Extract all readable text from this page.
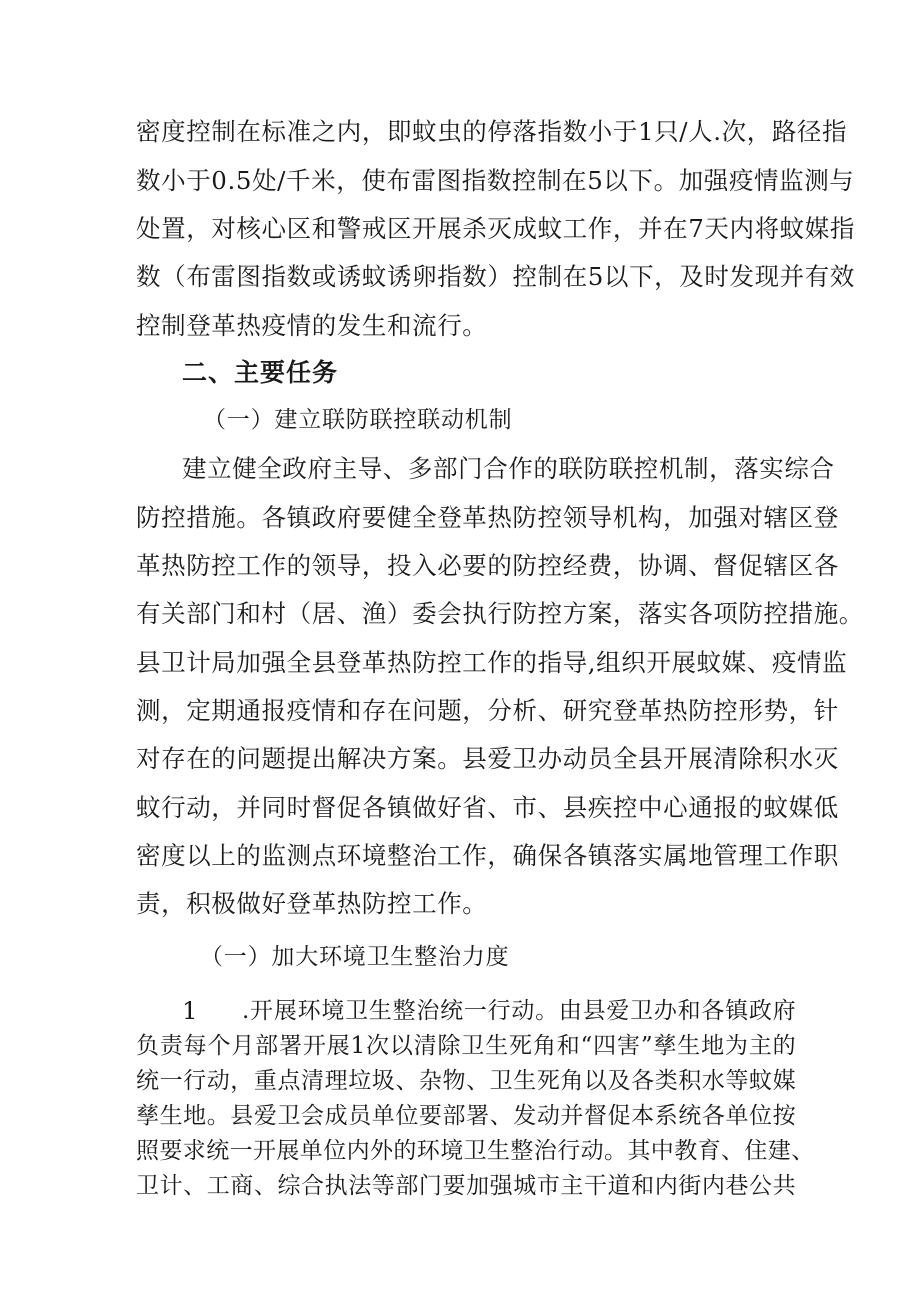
密度控制在标准之内，即蚊虫的停落指数小于1只/人.次，路径指
数小于0.5处/千米，使布雷图指数控制在5以下。加强疫情监测与
处置，对核心区和警戒区开展杀灭成蚊工作，并在7天内将蚊媒指
数（布雷图指数或诱蚊诱卵指数）控制在5以下，及时发现并有效
控制登革热疫情的发生和流行。
二、主要任务
（一）建立联防联控联动机制
建立健全政府主导、多部门合作的联防联控机制，落实综合
防控措施。各镇政府要健全登革热防控领导机构，加强对辖区登
革热防控工作的领导，投入必要的防控经费，协调、督促辖区各
有关部门和村（居、渔）委会执行防控方案，落实各项防控措施。
县卫计局加强全县登革热防控工作的指导,组织开展蚊媒、疫情监
测，定期通报疫情和存在问题，分析、研究登革热防控形势，针
对存在的问题提出解决方案。县爱卫办动员全县开展清除积水灭
蚊行动，并同时督促各镇做好省、市、县疾控中心通报的蚊媒低
密度以上的监测点环境整治工作，确保各镇落实属地管理工作职
责，积极做好登革热防控工作。
（一）加大环境卫生整治力度
1 .开展环境卫生整治统一行动。由县爱卫办和各镇政府
负责每个月部署开展1次以清除卫生死角和“四害”孳生地为主的
统一行动，重点清理垃圾、杂物、卫生死角以及各类积水等蚊媒
孳生地。县爱卫会成员单位要部署、发动并督促本系统各单位按
照要求统一开展单位内外的环境卫生整治行动。其中教育、住建、
卫计、工商、综合执法等部门要加强城市主干道和内街内巷公共
